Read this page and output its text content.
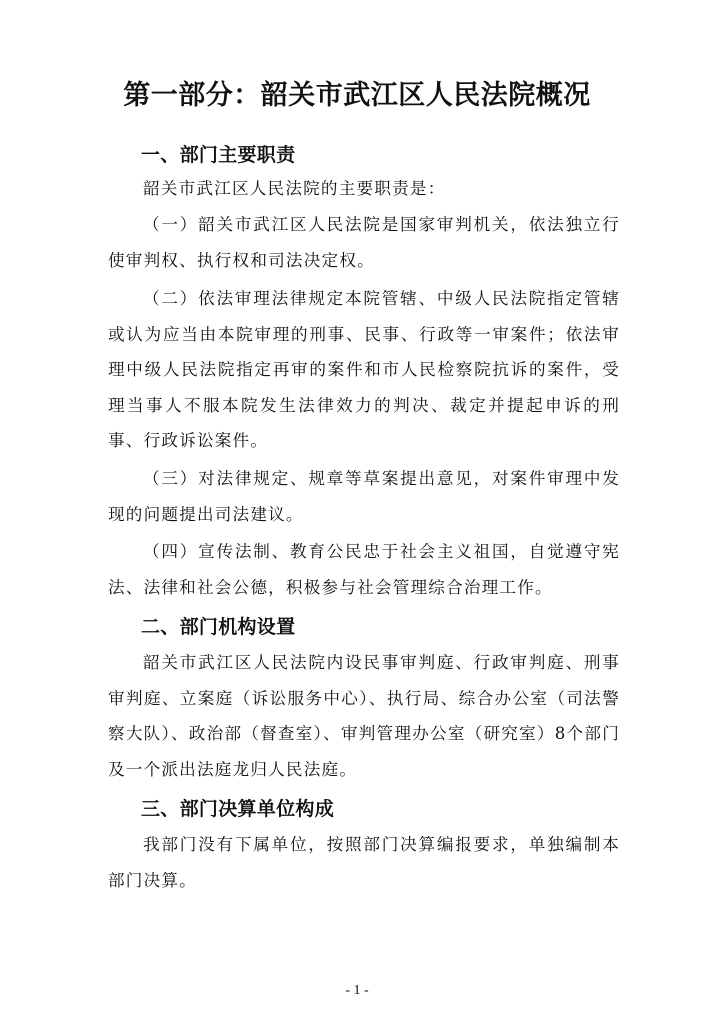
第一部分：韶关市武江区人民法院概况
一、部门主要职责

韶关市武江区人民法院的主要职责是：

（一）韶关市武江区人民法院是国家审判机关，依法独立行使审判权、执行权和司法决定权。

（二）依法审理法律规定本院管辖、中级人民法院指定管辖或认为应当由本院审理的刑事、民事、行政等一审案件；依法审理中级人民法院指定再审的案件和市人民检察院抗诉的案件，受理当事人不服本院发生法律效力的判决、裁定并提起申诉的刑事、行政诉讼案件。

（三）对法律规定、规章等草案提出意见，对案件审理中发现的问题提出司法建议。

（四）宣传法制、教育公民忠于社会主义祖国，自觉遵守宪法、法律和社会公德，积极参与社会管理综合治理工作。

二、部门机构设置

韶关市武江区人民法院内设民事审判庭、行政审判庭、刑事审判庭、立案庭（诉讼服务中心）、执行局、综合办公室（司法警察大队）、政治部（督查室）、审判管理办公室（研究室）8个部门及一个派出法庭龙归人民法庭。

三、部门决算单位构成

我部门没有下属单位，按照部门决算编报要求，单独编制本部门决算。

- 1 -
